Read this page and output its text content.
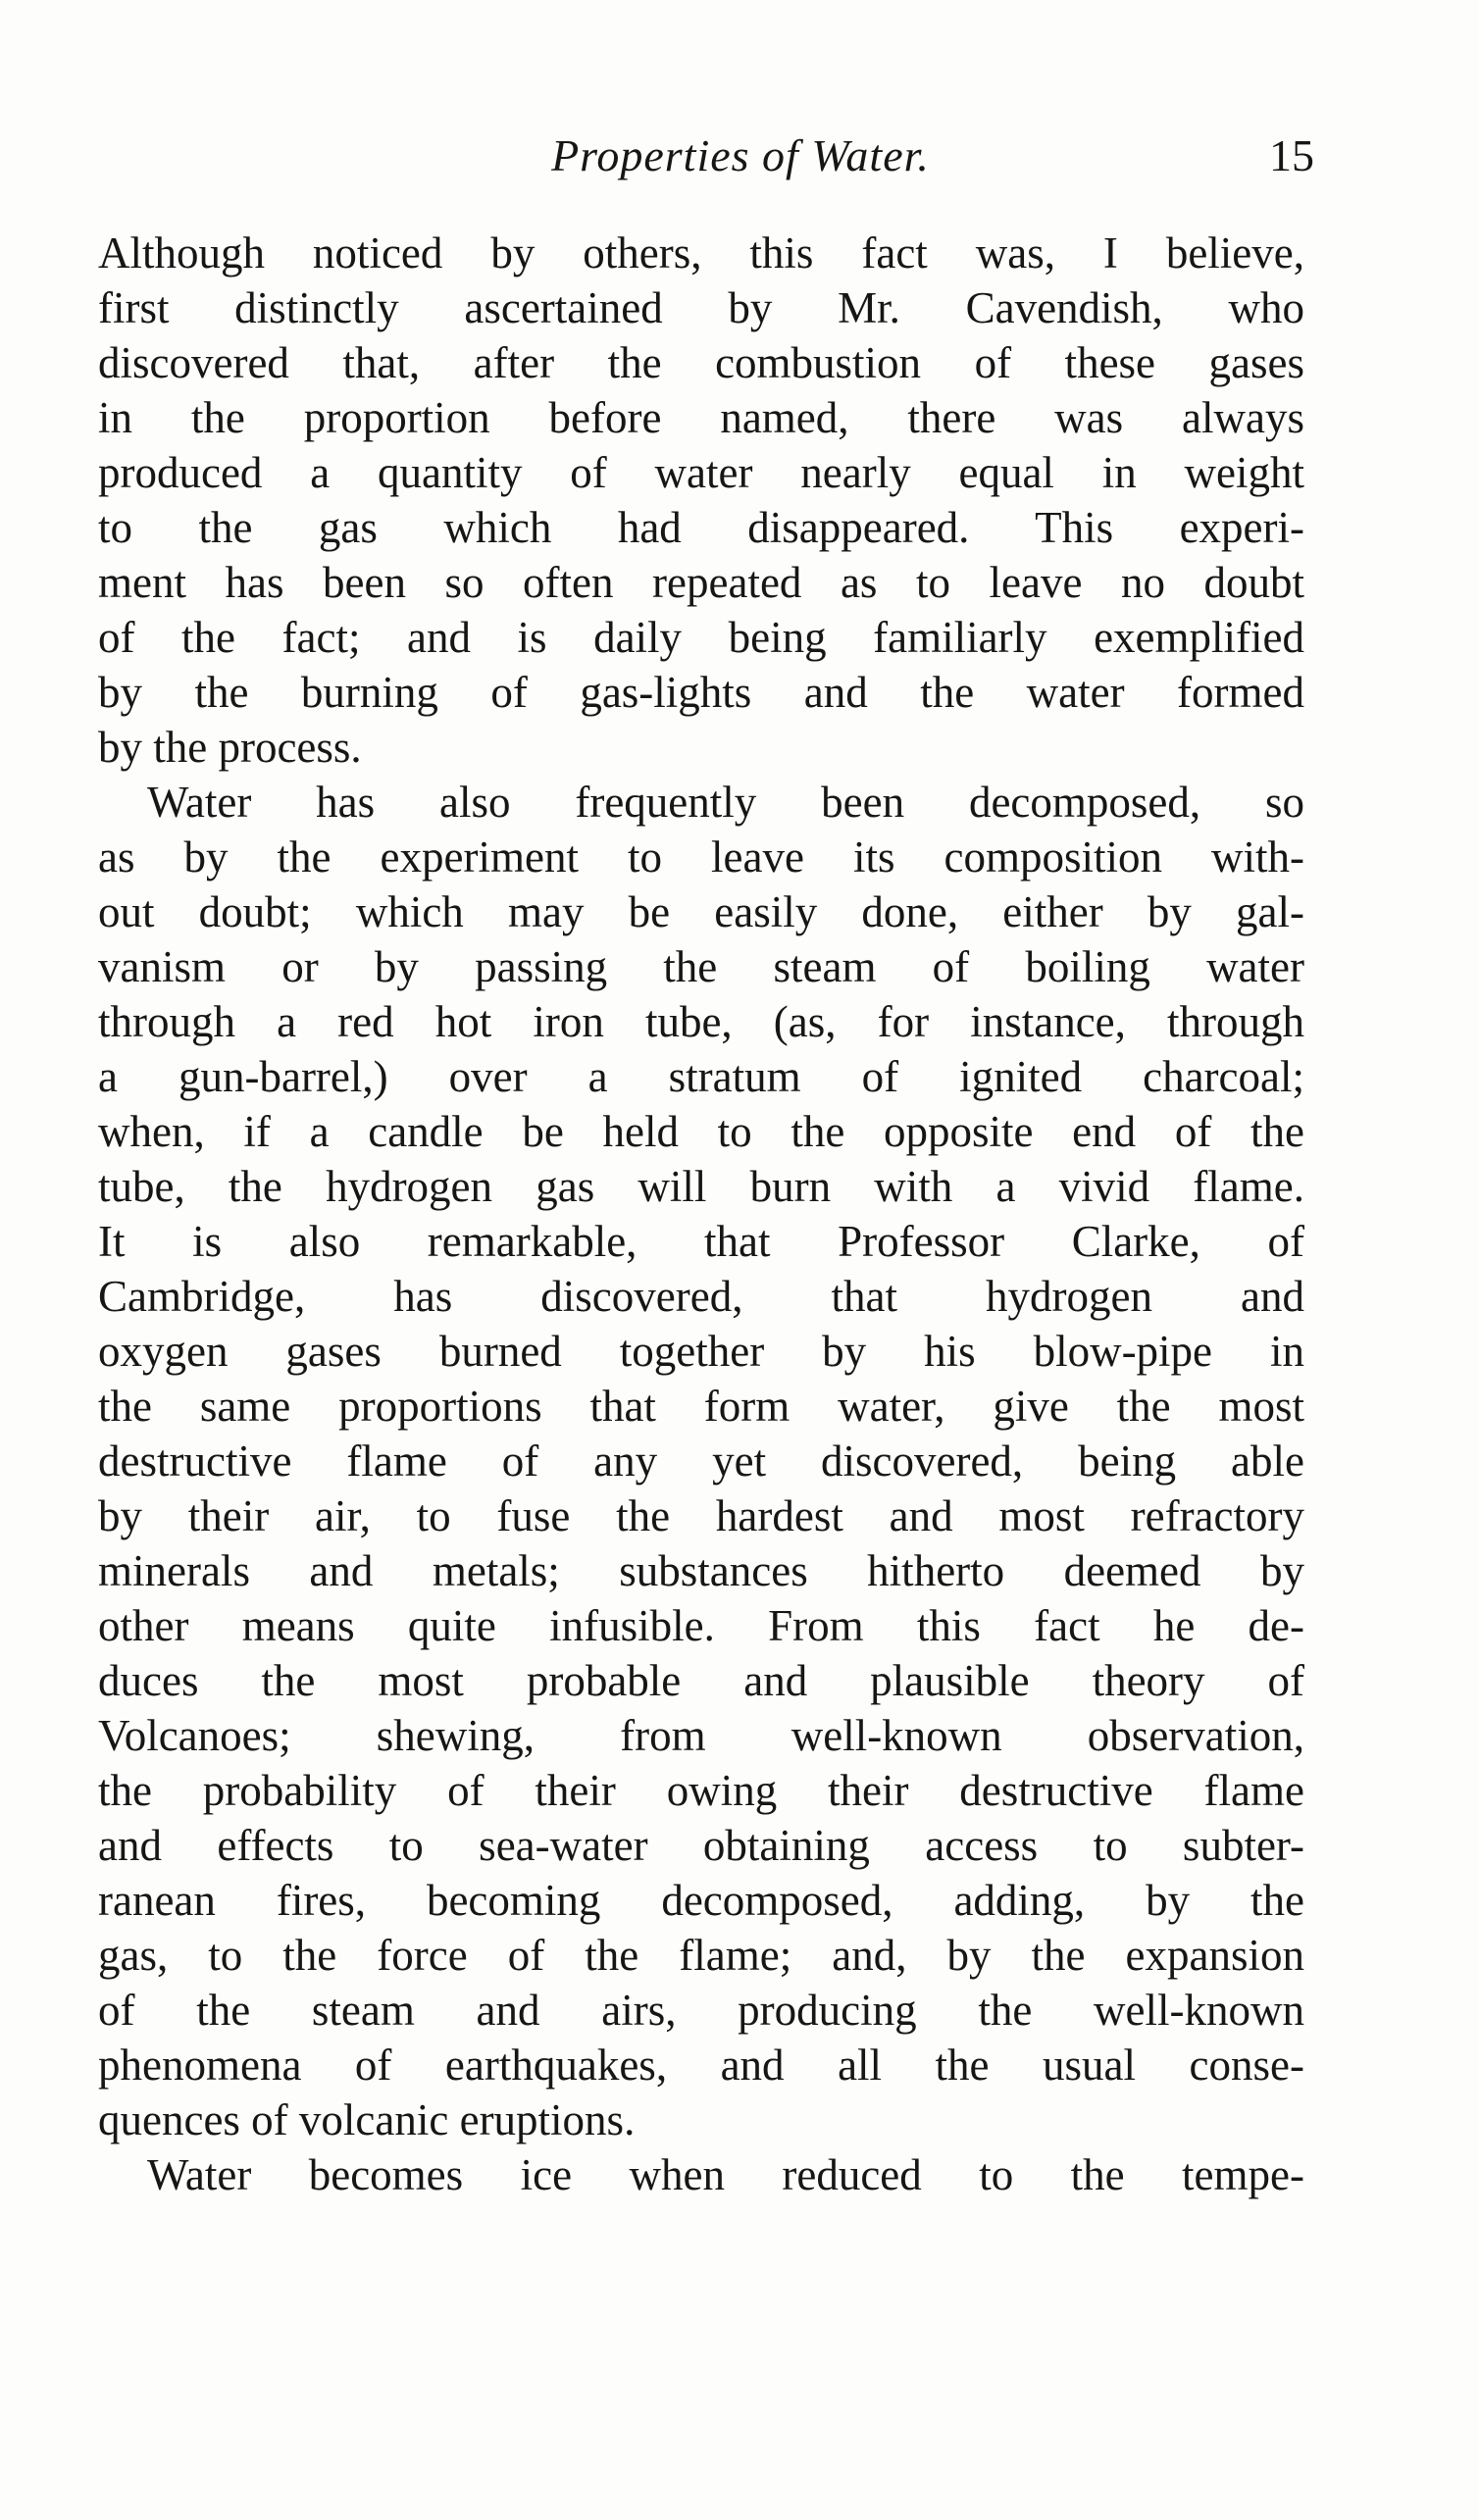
Properties of Water.	15
Although noticed by others, this fact was, I believe,
first distinctly ascertained by Mr. Cavendish, who
discovered that, after the combustion of these gases
in the proportion before named, there was always
produced a quantity of water nearly equal in weight
to the gas which had disappeared. This experi-
ment has been so often repeated as to leave no doubt
of the fact; and is daily being familiarly exemplified
by the burning of gas-lights and the water formed
by the process.
Water has also frequently been decomposed, so
as by the experiment to leave its composition with-
out doubt; which may be easily done, either by gal-
vanism or by passing the steam of boiling water
through a red hot iron tube, (as, for instance, through
a gun-barrel,) over a stratum of ignited charcoal;
when, if a candle be held to the opposite end of the
tube, the hydrogen gas will burn with a vivid flame.
It is also remarkable, that Professor Clarke, of
Cambridge, has discovered, that hydrogen and
oxygen gases burned together by his blow-pipe in
the same proportions that form water, give the most
destructive flame of any yet discovered, being able
by their air, to fuse the hardest and most refractory
minerals and metals; substances hitherto deemed by
other means quite infusible. From this fact he de-
duces the most probable and plausible theory of
Volcanoes; shewing, from well-known observation,
the probability of their owing their destructive flame
and effects to sea-water obtaining access to subter-
ranean fires, becoming decomposed, adding, by the
gas, to the force of the flame; and, by the expansion
of the steam and airs, producing the well-known
phenomena of earthquakes, and all the usual conse-
quences of volcanic eruptions.
Water becomes ice when reduced to the tempe-
